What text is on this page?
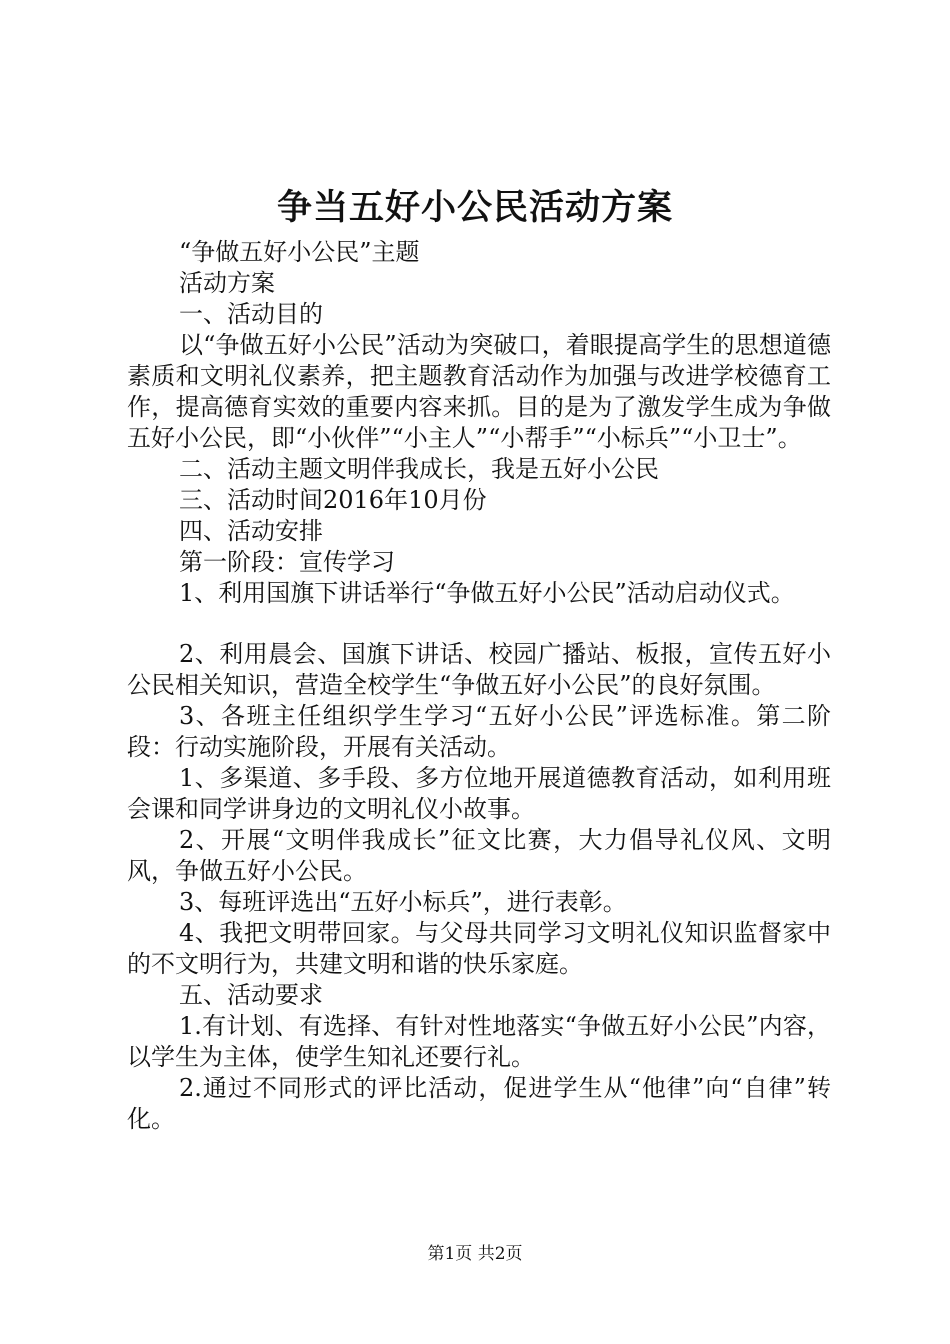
争当五好小公民活动方案

“争做五好小公民”主题

活动方案

一、活动目的

以“争做五好小公民”活动为突破口，着眼提高学生的思想道德素质和文明礼仪素养，把主题教育活动作为加强与改进学校德育工作，提高德育实效的重要内容来抓。目的是为了激发学生成为争做五好小公民，即“小伙伴”“小主人”“小帮手”“小标兵”“小卫士”。

二、活动主题文明伴我成长，我是五好小公民

三、活动时间2016年10月份

四、活动安排

第一阶段：宣传学习

1、利用国旗下讲话举行“争做五好小公民”活动启动仪式。

2、利用晨会、国旗下讲话、校园广播站、板报，宣传五好小公民相关知识，营造全校学生“争做五好小公民”的良好氛围。

3、各班主任组织学生学习“五好小公民”评选标准。第二阶段：行动实施阶段，开展有关活动。

1、多渠道、多手段、多方位地开展道德教育活动，如利用班会课和同学讲身边的文明礼仪小故事。

2、开展“文明伴我成长”征文比赛，大力倡导礼仪风、文明风，争做五好小公民。

3、每班评选出“五好小标兵”，进行表彰。

4、我把文明带回家。与父母共同学习文明礼仪知识监督家中的不文明行为，共建文明和谐的快乐家庭。

五、活动要求

1.有计划、有选择、有针对性地落实“争做五好小公民”内容，以学生为主体，使学生知礼还要行礼。

2.通过不同形式的评比活动，促进学生从“他律”向“自律”转化。

第1页 共2页
